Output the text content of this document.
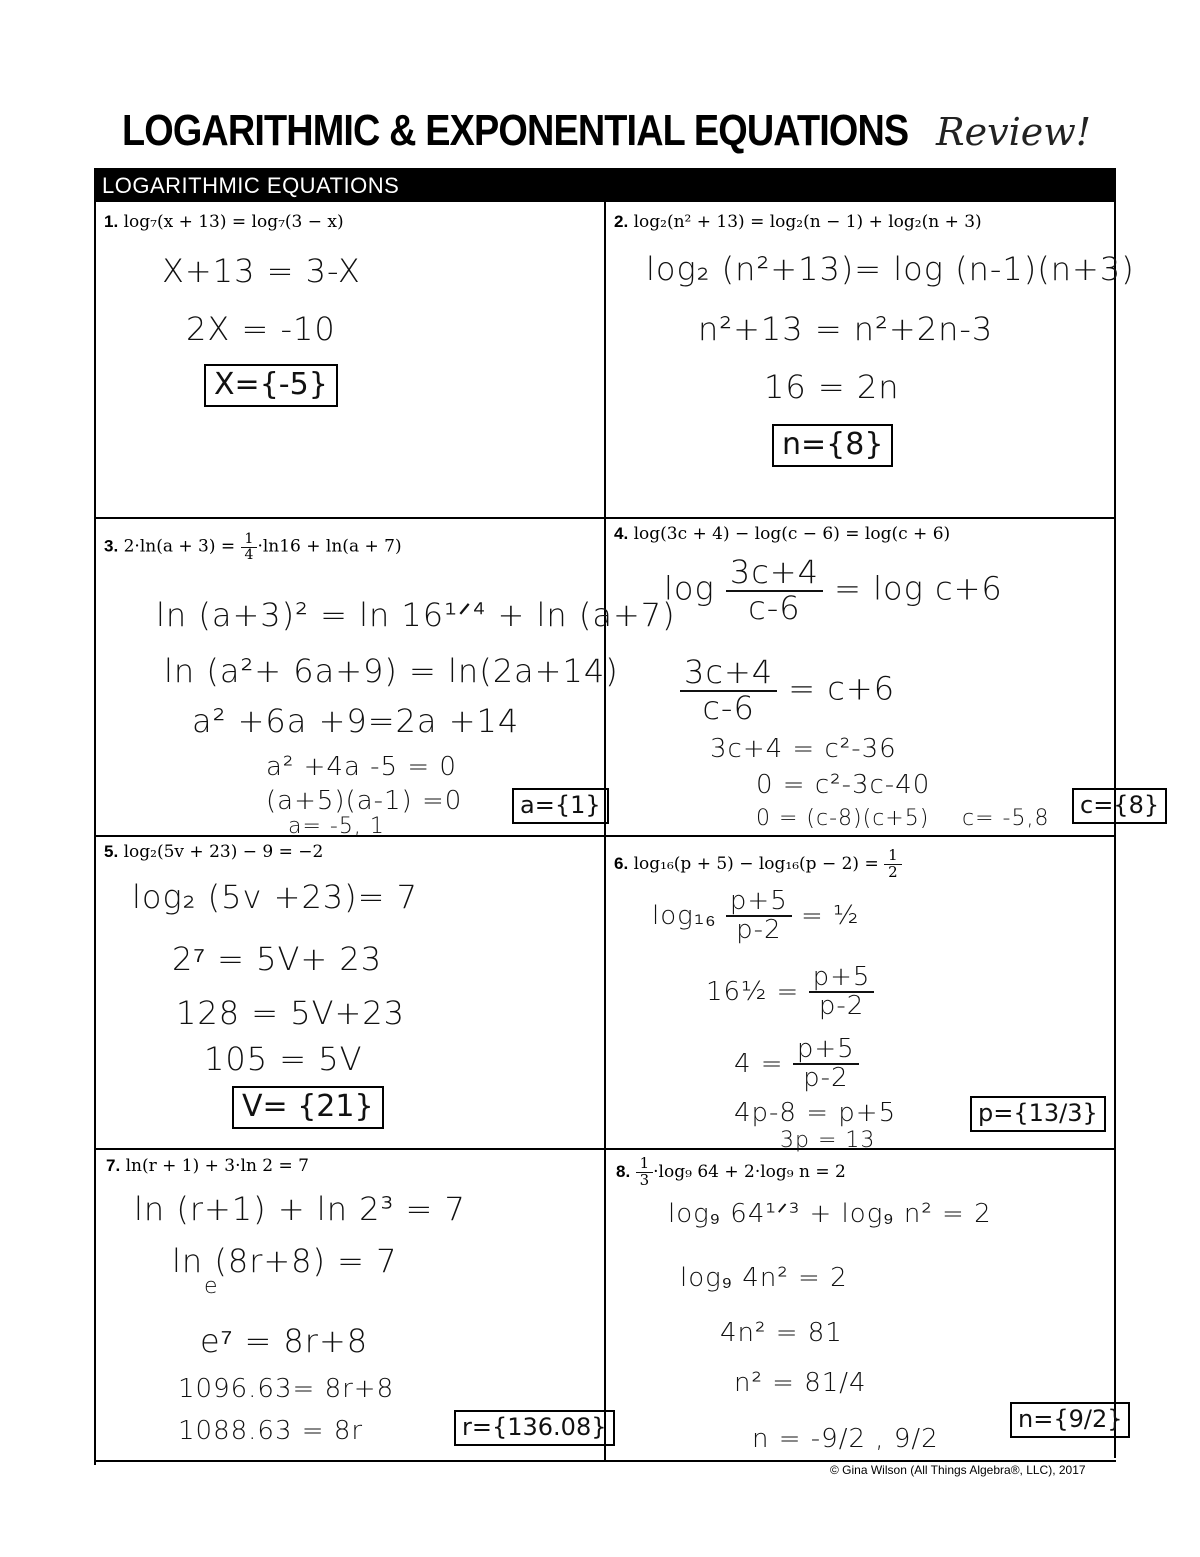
LOGARITHMIC & EXPONENTIAL EQUATIONS Review!
LOGARITHMIC EQUATIONS
1. log₇(x + 13) = log₇(3 − x)
X+13 = 3-X
2X = -10
X={-5}
2. log₂(n² + 13) = log₂(n − 1) + log₂(n + 3)
log₂ (n²+13)= log (n-1)(n+3)
n²+13 = n²+2n-3
16 = 2n
n={8}
3. $2\cdot\ln(a + 3) = \frac{1}{4} \cdot\ln 16 + \ln(a + 7)$
ln (a+3)² = ln 16¹ᐟ⁴ + ln (a+7)
ln (a²+ 6a+9) = ln(2a+14)
a² +6a +9=2a +14
a² +4a -5 = 0
(a+5)(a-1) =0
a= -5, 1
a={1}
4. log(3c + 4) − log(c − 6) = log(c + 6)
$\log \frac{3c+4}{c-6} = \log c+6$
$\frac{3c+4}{c-6} = c+6$
3c+4 = c²-36
0 = c²-3c-40
0 = (c-8)(c+5) c= -5,8	c={8}
5. log₂(5v + 23) − 9 = −2
log₂ (5v +23)= 7
2⁷ = 5V+ 23
128 = 5V+23
105 = 5V
V= {21}
6. $\log_{16}(p + 5) - \log_{16}(p - 2) = \frac{1}{2}$
$\log_{16} \frac{p+5}{p-2}$ = ½
16½ = $\frac{p+5}{p-2}$
$4 = \frac{p+5}{p-2}$
4p-8 = p+5
3p = 13
p={13/3}
7. ln(r + 1) + 3·ln 2 = 7
ln (r+1) + ln 2³ = 7
ln (8r+8) = 7
e
e⁷ = 8r+8
1096.63= 8r+8
1088.63 = 8r	r={136.08}
8. $\frac{1}{3} \cdot\log_9$ 64 + 2·log₉ n = 2
log₉ 64¹ᐟ³ + log₉ n² = 2
log₉ 4n² = 2
4n² = 81
n² = 81/4
n = -9/2 , 9/2
n={9/2}
© Gina Wilson (All Things Algebra®, LLC), 2017
